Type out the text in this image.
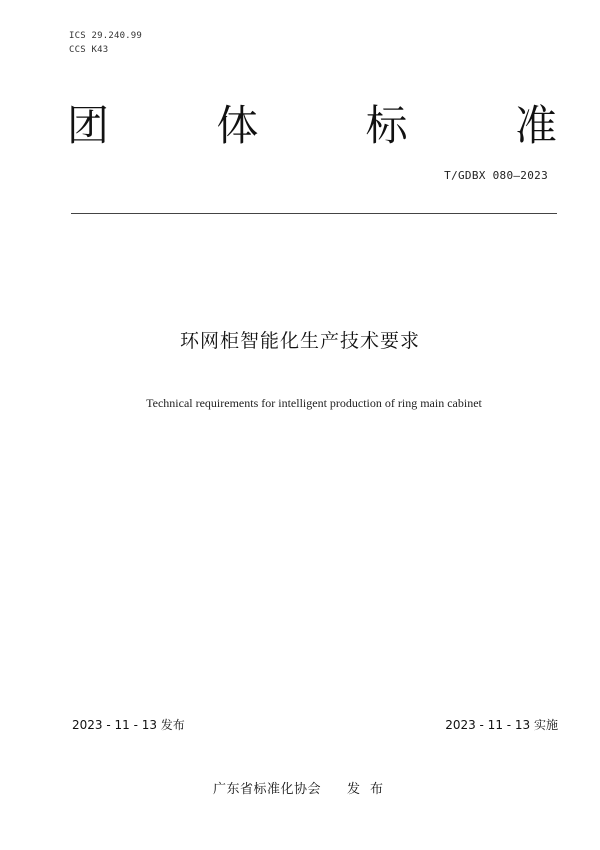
ICS 29.240.99
CCS K43
团	体	标	准
T/GDBX 080—2023
环网柜智能化生产技术要求
Technical requirements for intelligent production of ring main cabinet
2023 - 11 - 13 发布	2023 - 11 - 13 实施
广东省标准化协会 发布
